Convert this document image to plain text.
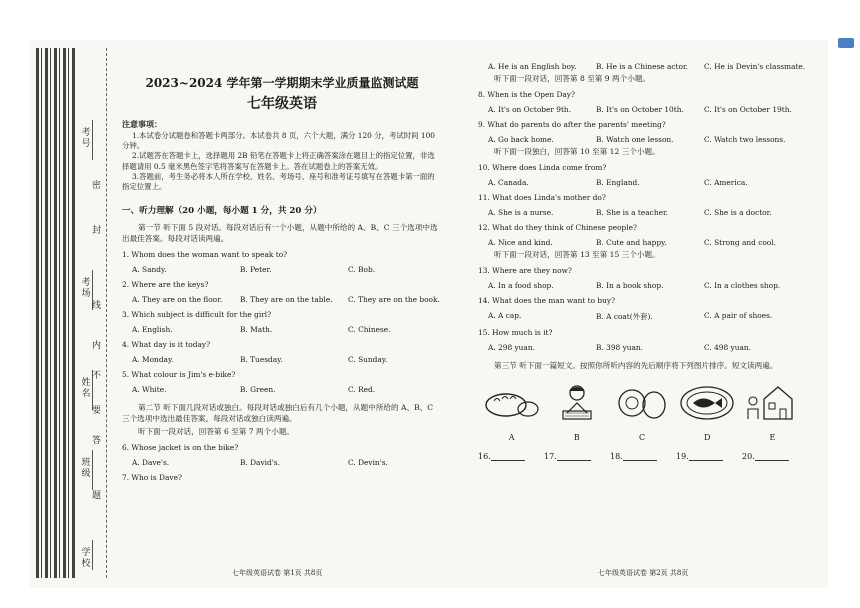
考号
考场
姓名
班级
学校
密
封
线
内
不
要
答
题
2023~2024 学年第一学期期末学业质量监测试题
七年级英语
注意事项：

1.本试卷分试题卷和答题卡两部分。本试卷共 8 页，六个大题，满分 120 分，考试时间 100 分钟。

2.试题答在答题卡上，选择题用 2B 铅笔在答题卡上将正确答案涂在题目上的指定位置，非选择题请用 0.5 毫米黑色签字笔将答案写在答题卡上。答在试题卷上的答案无效。

3.答题前，考生务必将本人所在学校、姓名、考场号、座号和准考证号填写在答题卡第一面的指定位置上。

一、听力理解（20 小题，每小题 1 分，共 20 分）

第一节 听下面 5 段对话。每段对话后有一个小题，从题中所给的 A、B、C 三个选项中选出最佳答案。每段对话读两遍。

1. Whom does the woman want to speak to?
A. Sandy.	B. Peter.	C. Bob.
2. Where are the keys?
A. They are on the floor.	B. They are on the table.	C. They are on the book.
3. Which subject is difficult for the girl?
A. English.	B. Math.	C. Chinese.
4. What day is it today?
A. Monday.	B. Tuesday.	C. Sunday.
5. What colour is Jim's e-bike?
A. White.	B. Green.	C. Red.

第二节 听下面几段对话或独白。每段对话或独白后有几个小题，从题中所给的 A、B、C 三个选项中选出最佳答案。每段对话或独白读两遍。

听下面一段对话，回答第 6 至第 7 两个小题。

6. Whose jacket is on the bike?
A. Dave's.	B. David's.	C. Devin's.
7. Who is Dave?
A. He is an English boy.	B. He is a Chinese actor.	C. He is Devin's classmate.

听下面一段对话，回答第 8 至第 9 两个小题。

8. When is the Open Day?
A. It's on October 9th.	B. It's on October 10th.	C. It's on October 19th.
9. What do parents do after the parents' meeting?
A. Go back home.	B. Watch one lesson.	C. Watch two lessons.

听下面一段独白，回答第 10 至第 12 三个小题。

10. Where does Linda come from?
A. Canada.	B. England.	C. America.
11. What does Linda's mother do?
A. She is a nurse.	B. She is a teacher.	C. She is a doctor.
12. What do they think of Chinese people?
A. Nice and kind.	B. Cute and happy.	C. Strong and cool.

听下面一段对话，回答第 13 至第 15 三个小题。

13. Where are they now?
A. In a food shop.	B. In a book shop.	C. In a clothes shop.
14. What does the man want to buy?
A. A cap.	B. A coat(外套).	C. A pair of shoes.
15. How much is it?
A. 298 yuan.	B. 398 yuan.	C. 498 yuan.

第三节 听下面一篇短文。按照你所听内容的先后顺序将下列图片排序。短文读两遍。

A	B	C	D	E
16.	17.	18.	19.	20.
七年级英语试卷 第1页 共8页	七年级英语试卷 第2页 共8页
